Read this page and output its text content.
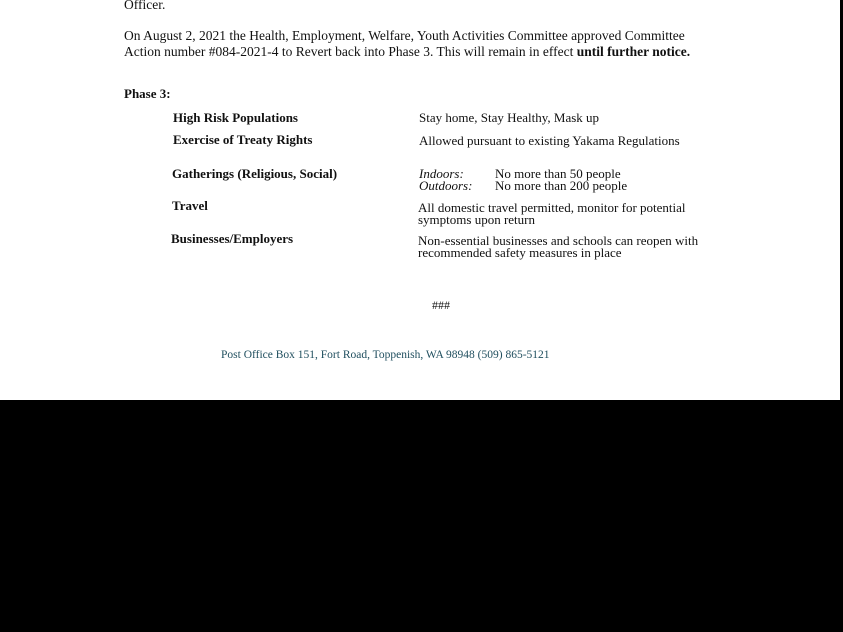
Officer.

On August 2, 2021 the Health, Employment, Welfare, Youth Activities Committee approved Committee Action number #084-2021-4 to Revert back into Phase 3. This will remain in effect until further notice.

Phase 3:

High Risk Populations	Stay home, Stay Healthy, Mask up

Exercise of Treaty Rights	Allowed pursuant to existing Yakama Regulations

Gatherings (Religious, Social)	Indoors: No more than 50 people
Outdoors: No more than 200 people

Travel	All domestic travel permitted, monitor for potential symptoms upon return

Businesses/Employers	Non-essential businesses and schools can reopen with recommended safety measures in place

###

Post Office Box 151, Fort Road, Toppenish, WA 98948 (509) 865-5121
